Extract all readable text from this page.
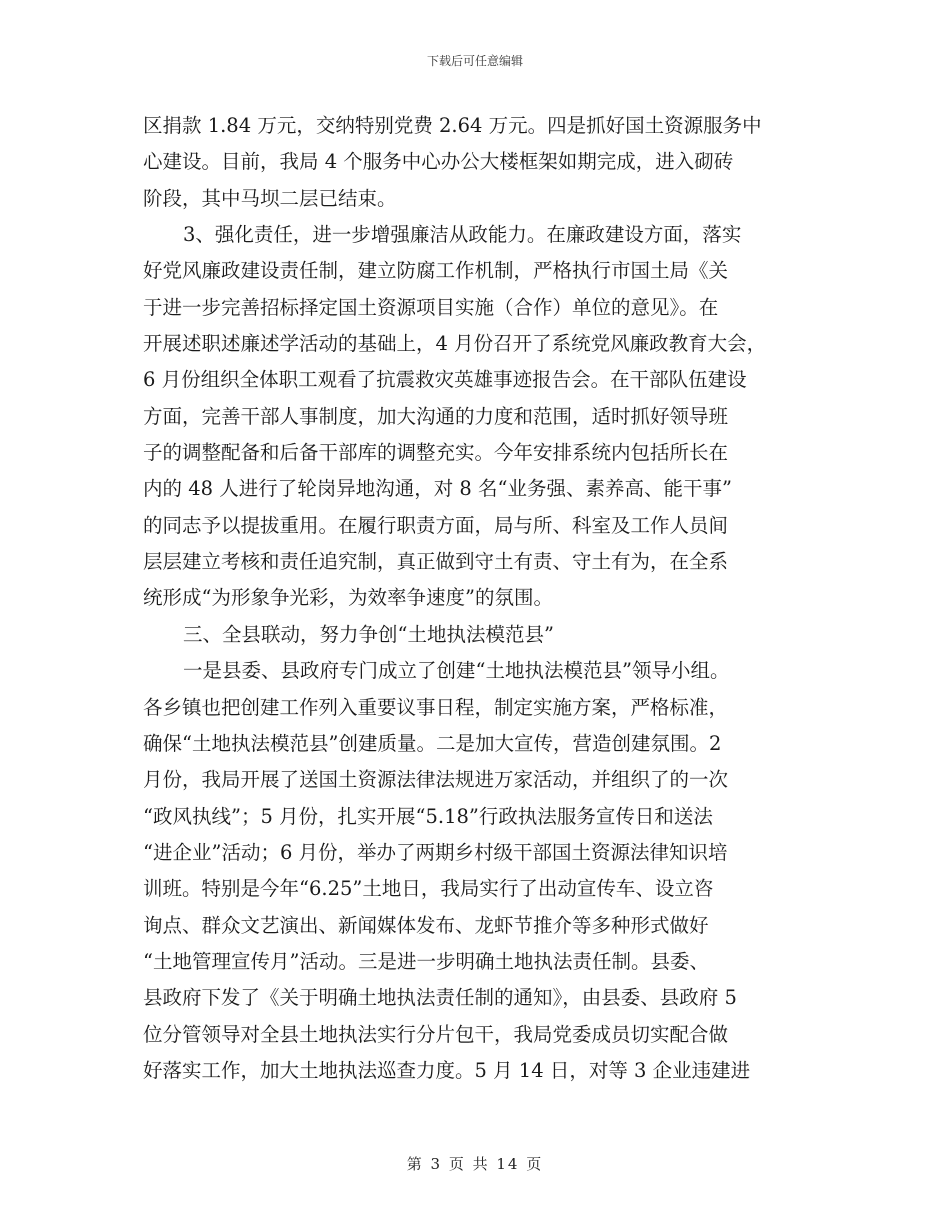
下载后可任意编辑
区捐款 1.84 万元，交纳特别党费 2.64 万元。四是抓好国土资源服务中
心建设。目前，我局 4 个服务中心办公大楼框架如期完成，进入砌砖
阶段，其中马坝二层已结束。
3、强化责任，进一步增强廉洁从政能力。在廉政建设方面，落实
好党风廉政建设责任制，建立防腐工作机制，严格执行市国土局《关
于进一步完善招标择定国土资源项目实施（合作）单位的意见》。在
开展述职述廉述学活动的基础上，4 月份召开了系统党风廉政教育大会，
6 月份组织全体职工观看了抗震救灾英雄事迹报告会。在干部队伍建设
方面，完善干部人事制度，加大沟通的力度和范围，适时抓好领导班
子的调整配备和后备干部库的调整充实。今年安排系统内包括所长在
内的 48 人进行了轮岗异地沟通，对 8 名“业务强、素养高、能干事”
的同志予以提拔重用。在履行职责方面，局与所、科室及工作人员间
层层建立考核和责任追究制，真正做到守土有责、守土有为，在全系
统形成“为形象争光彩，为效率争速度”的氛围。
三、全县联动，努力争创“土地执法模范县”
一是县委、县政府专门成立了创建“土地执法模范县”领导小组。
各乡镇也把创建工作列入重要议事日程，制定实施方案，严格标准，
确保“土地执法模范县”创建质量。二是加大宣传，营造创建氛围。2
月份，我局开展了送国土资源法律法规进万家活动，并组织了的一次
“政风执线”；5 月份，扎实开展“5.18”行政执法服务宣传日和送法
“进企业”活动；6 月份，举办了两期乡村级干部国土资源法律知识培
训班。特别是今年“6.25”土地日，我局实行了出动宣传车、设立咨
询点、群众文艺演出、新闻媒体发布、龙虾节推介等多种形式做好
“土地管理宣传月”活动。三是进一步明确土地执法责任制。县委、
县政府下发了《关于明确土地执法责任制的通知》，由县委、县政府 5
位分管领导对全县土地执法实行分片包干，我局党委成员切实配合做
好落实工作，加大土地执法巡查力度。5 月 14 日，对等 3 企业违建进
第 3 页 共 14 页
